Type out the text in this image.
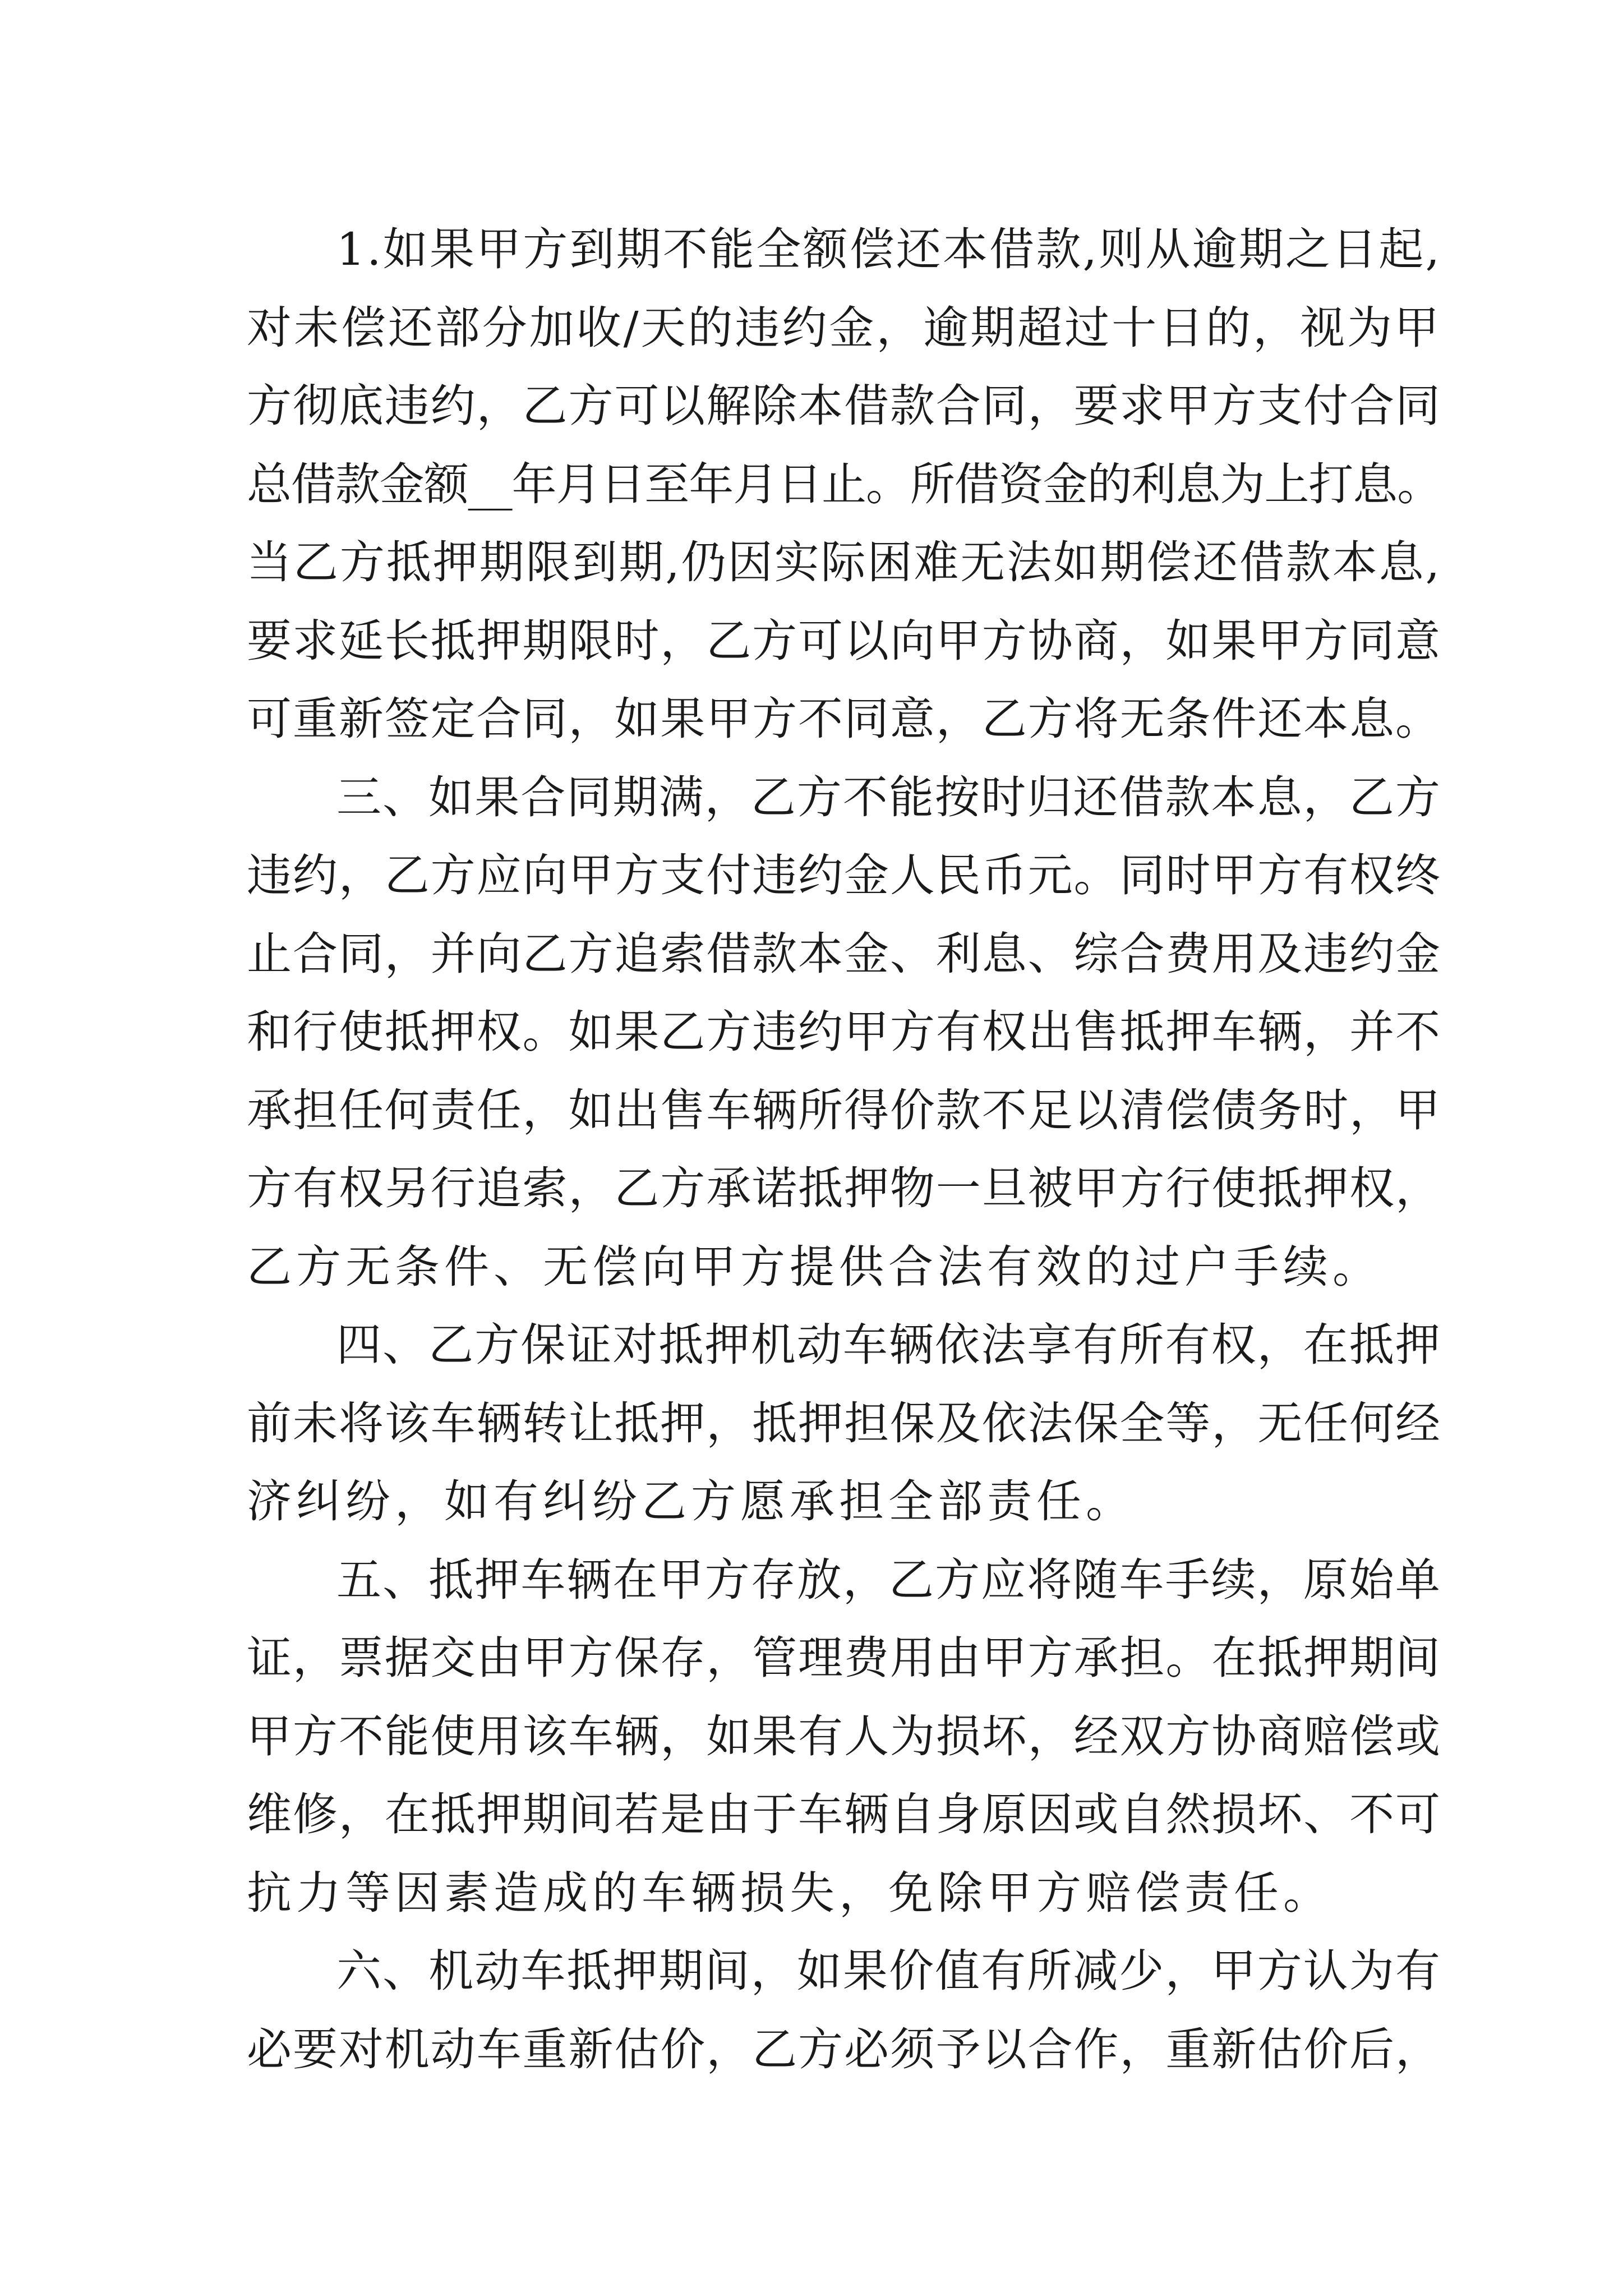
1.如果甲方到期不能全额偿还本借款,则从逾期之日起,
对未偿还部分加收/天的违约金，逾期超过十日的，视为甲
方彻底违约，乙方可以解除本借款合同，要求甲方支付合同
总借款金额__年月日至年月日止。所借资金的利息为上打息。
当乙方抵押期限到期,仍因实际困难无法如期偿还借款本息,
要求延长抵押期限时，乙方可以向甲方协商，如果甲方同意
可重新签定合同，如果甲方不同意，乙方将无条件还本息。
三、如果合同期满，乙方不能按时归还借款本息，乙方
违约，乙方应向甲方支付违约金人民币元。同时甲方有权终
止合同，并向乙方追索借款本金、利息、综合费用及违约金
和行使抵押权。如果乙方违约甲方有权出售抵押车辆，并不
承担任何责任，如出售车辆所得价款不足以清偿债务时，甲
方有权另行追索，乙方承诺抵押物一旦被甲方行使抵押权，
乙方无条件、无偿向甲方提供合法有效的过户手续。
四、乙方保证对抵押机动车辆依法享有所有权，在抵押
前未将该车辆转让抵押，抵押担保及依法保全等，无任何经
济纠纷，如有纠纷乙方愿承担全部责任。
五、抵押车辆在甲方存放，乙方应将随车手续，原始单
证，票据交由甲方保存，管理费用由甲方承担。在抵押期间
甲方不能使用该车辆，如果有人为损坏，经双方协商赔偿或
维修，在抵押期间若是由于车辆自身原因或自然损坏、不可
抗力等因素造成的车辆损失，免除甲方赔偿责任。
六、机动车抵押期间，如果价值有所减少，甲方认为有
必要对机动车重新估价，乙方必须予以合作，重新估价后，
